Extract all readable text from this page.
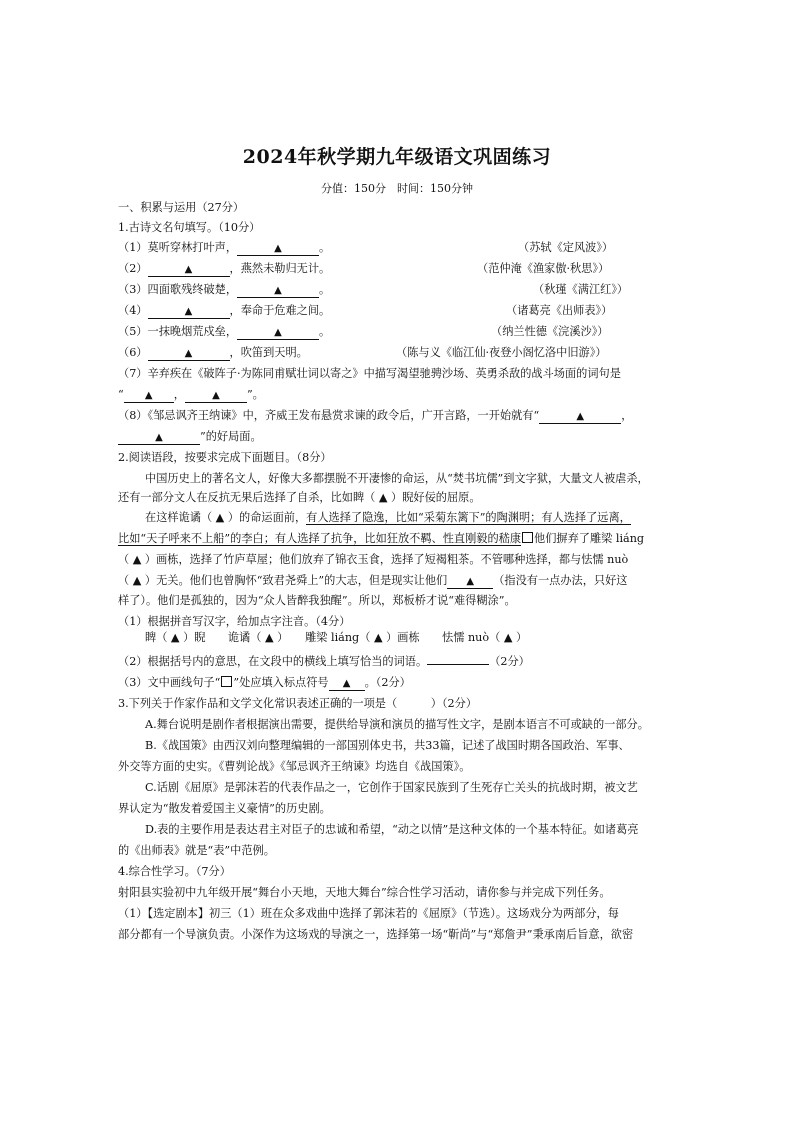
2024年秋学期九年级语文巩固练习
分值：150分　时间：150分钟
一、积累与运用（27分）
1.古诗文名句填写。（10分）
（1）莫听穿林打叶声，	▲	。	（苏轼《定风波》）
（2）	▲	，燕然未勒归无计。	（范仲淹《渔家傲·秋思》）
（3）四面歌残终破楚，	▲	。	（秋瑾《满江红》）
（4）	▲	，奉命于危难之间。	（诸葛亮《出师表》）
（5）一抹晚烟荒戍垒，	▲	。	（纳兰性德《浣溪沙》）
（6）	▲	，吹笛到天明。	（陈与义《临江仙·夜登小阁忆洛中旧游》）
（7）辛弃疾在《破阵子·为陈同甫赋壮词以寄之》中描写渴望驰骋沙场、英勇杀敌的战斗场面的词句是
“ ▲ ，	▲ ”。
（8）《邹忌讽齐王纳谏》中，齐威王发布悬赏求谏的政令后，广开言路，一开始就有“	▲	，
▲	”的好局面。
2.阅读语段，按要求完成下面题目。（8分）
中国历史上的著名文人，好像大多都摆脱不开凄惨的命运，从“焚书坑儒”到文字狱，大量文人被虐杀，
还有一部分文人在反抗无果后选择了自杀，比如睥（ ▲ ）睨好佞的屈原。
在这样诡谲（ ▲ ）的命运面前，有人选择了隐逸，比如“采菊东篱下”的陶渊明；有人选择了远离，
比如“天子呼来不上船”的李白；有人选择了抗争，比如狂放不羁、性直刚毅的嵇康 他们摒弃了雕梁 liáng
（ ▲ ）画栋，选择了竹庐草屋；他们放弃了锦衣玉食，选择了短褐粗茶。不管哪种选择，都与怯懦 nuò
（ ▲ ）无关。他们也曾胸怀“致君尧舜上”的大志，但是现实让他们 ▲ （指没有一点办法，只好这
样了）。他们是孤独的，因为“众人皆醉我独醒”。所以，郑板桥才说“难得糊涂”。
（1）根据拼音写汉字，给加点字注音。（4分）
睥（ ▲ ）睨　　诡谲（ ▲ ）　　雕梁 liáng（ ▲ ）画栋　　怯懦 nuò（ ▲ ）
（2）根据括号内的意思，在文段中的横线上填写恰当的词语。	（2分）
（3）文中画线句子“ ”处应填入标点符号 ▲ 。（2分）
3.下列关于作家作品和文学文化常识表述正确的一项是（　　　）（2分）
A.舞台说明是剧作者根据演出需要，提供给导演和演员的描写性文字，是剧本语言不可或缺的一部分。
B.《战国策》由西汉刘向整理编辑的一部国别体史书，共33篇，记述了战国时期各国政治、军事、
外交等方面的史实。《曹刿论战》《邹忌讽齐王纳谏》均选自《战国策》。
C.话剧《屈原》是郭沫若的代表作品之一，它创作于国家民族到了生死存亡关头的抗战时期，被文艺
界认定为“散发着爱国主义豪情”的历史剧。
D.表的主要作用是表达君主对臣子的忠诚和希望，“动之以情”是这种文体的一个基本特征。如诸葛亮
的《出师表》就是“表”中范例。
4.综合性学习。（7分）
射阳县实验初中九年级开展“舞台小天地，天地大舞台”综合性学习活动，请你参与并完成下列任务。
（1）【选定剧本】初三（1）班在众多戏曲中选择了郭沫若的《屈原》（节选）。这场戏分为两部分，每
部分都有一个导演负责。小深作为这场戏的导演之一，选择第一场“靳尚”与“郑詹尹”秉承南后旨意，欲密
